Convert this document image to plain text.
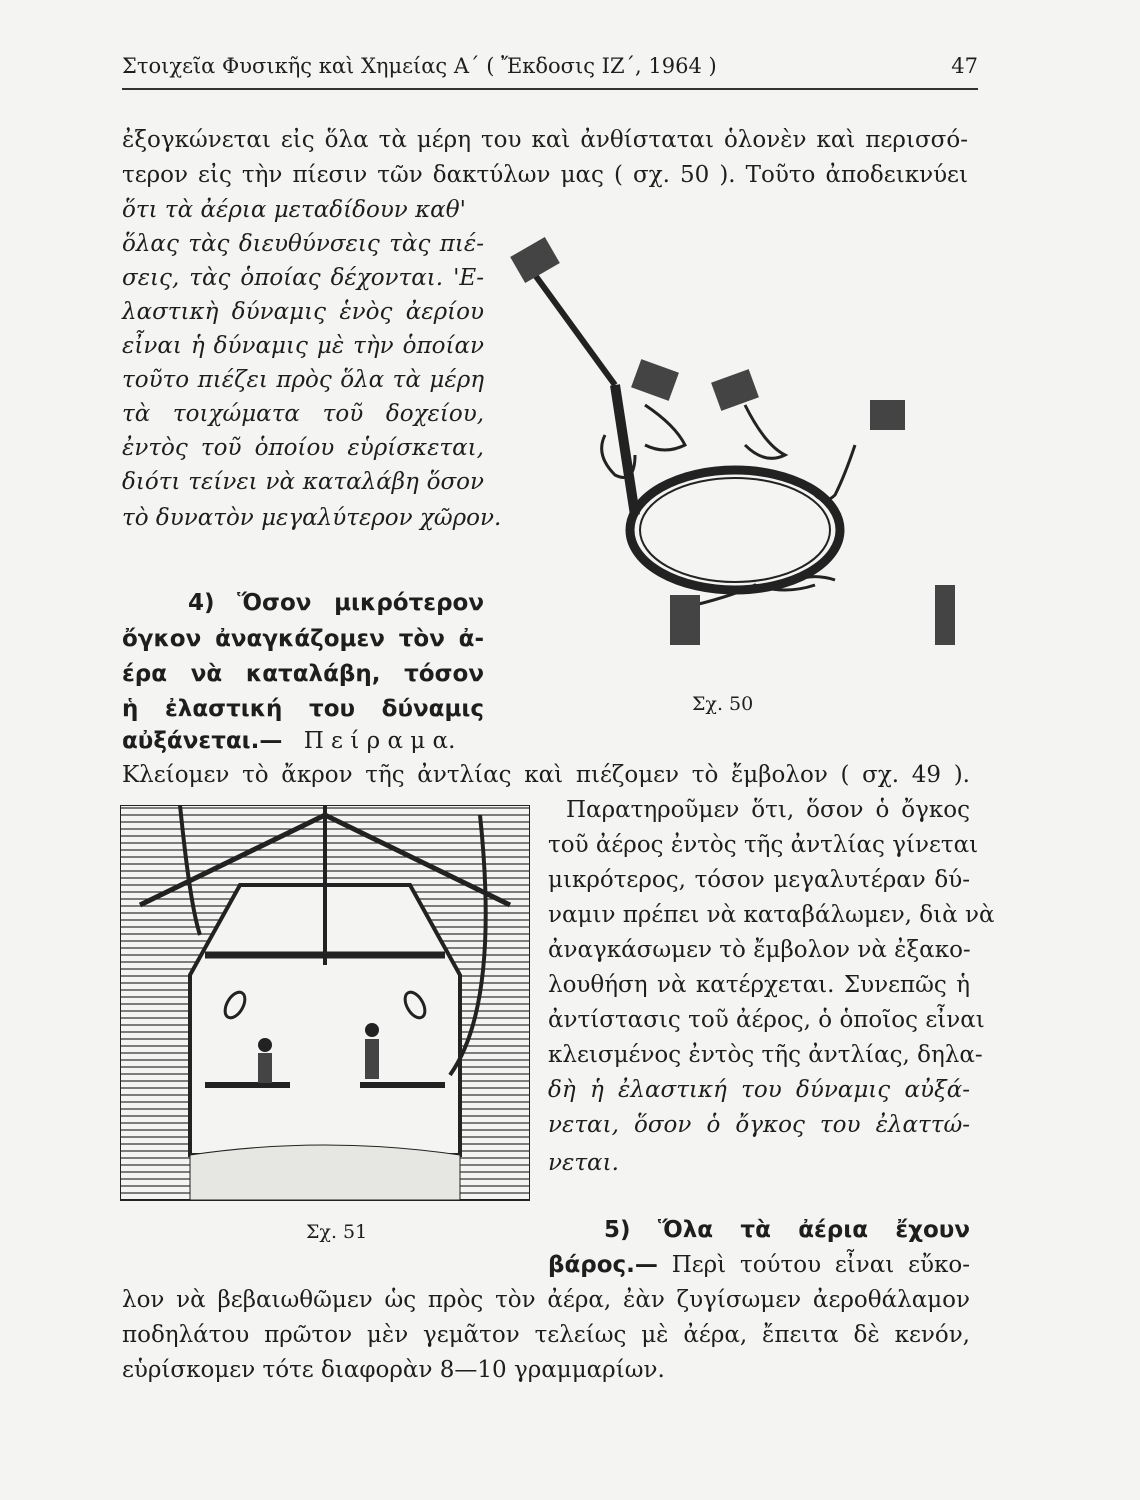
Στοιχεῖα Φυσικῆς καὶ Χημείας Α΄ ( Ἔκδοσις ΙΖ΄, 1964 )	47
ἐξογκώνεται εἰς ὅλα τὰ μέρη του καὶ ἀνθίσταται ὁλονὲν καὶ περισσό-
τερον εἰς τὴν πίεσιν τῶν δακτύλων μας ( σχ. 50 ). Τοῦτο ἀποδεικνύει
ὅτι τὰ ἀέρια μεταδίδουν καθ'
ὅλας τὰς διευθύνσεις τὰς πιέ-
σεις, τὰς ὁποίας δέχονται. 'Ε-
λαστικὴ δύναμις ἑνὸς ἀερίου
εἶναι ἡ δύναμις μὲ τὴν ὁποίαν
τοῦτο πιέζει πρὸς ὅλα τὰ μέρη
τὰ τοιχώματα τοῦ δοχείου,
ἐντὸς τοῦ ὁποίου εὑρίσκεται,
διότι τείνει νὰ καταλάβη ὅσον
τὸ δυνατὸν μεγαλύτερον χῶρον.
4) Ὅσον μικρότερον
ὄγκον ἀναγκάζομεν τὸν ἀ-
έρα νὰ καταλάβη, τόσον
ἡ ἐλαστική του δύναμις
αὐξάνεται.— Π ε ί ρ α μ α.
Κλείομεν τὸ ἄκρον τῆς ἀντλίας καὶ πιέζομεν τὸ ἔμβολον ( σχ. 49 ).
Παρατηροῦμεν ὅτι, ὅσον ὁ ὄγκος
τοῦ ἀέρος ἐντὸς τῆς ἀντλίας γίνεται
μικρότερος, τόσον μεγαλυτέραν δύ-
ναμιν πρέπει νὰ καταβάλωμεν, διὰ νὰ
ἀναγκάσωμεν τὸ ἔμβολον νὰ ἐξακο-
λουθήση νὰ κατέρχεται. Συνεπῶς ἡ
ἀντίστασις τοῦ ἀέρος, ὁ ὁποῖος εἶναι
κλεισμένος ἐντὸς τῆς ἀντλίας, δηλα-
δὴ ἡ ἐλαστική του δύναμις αὐξά-
νεται, ὅσον ὁ ὄγκος του ἐλαττώ-
νεται.
5) Ὅλα τὰ ἀέρια ἔχουν
βάρος.— Περὶ τούτου εἶναι εὔκο-
λον νὰ βεβαιωθῶμεν ὡς πρὸς τὸν ἀέρα, ἐὰν ζυγίσωμεν ἀεροθάλαμον
ποδηλάτου πρῶτον μὲν γεμᾶτον τελείως μὲ ἀέρα, ἔπειτα δὲ κενόν,
εὑρίσκομεν τότε διαφορὰν 8—10 γραμμαρίων.
Σχ. 50
Σχ. 51
